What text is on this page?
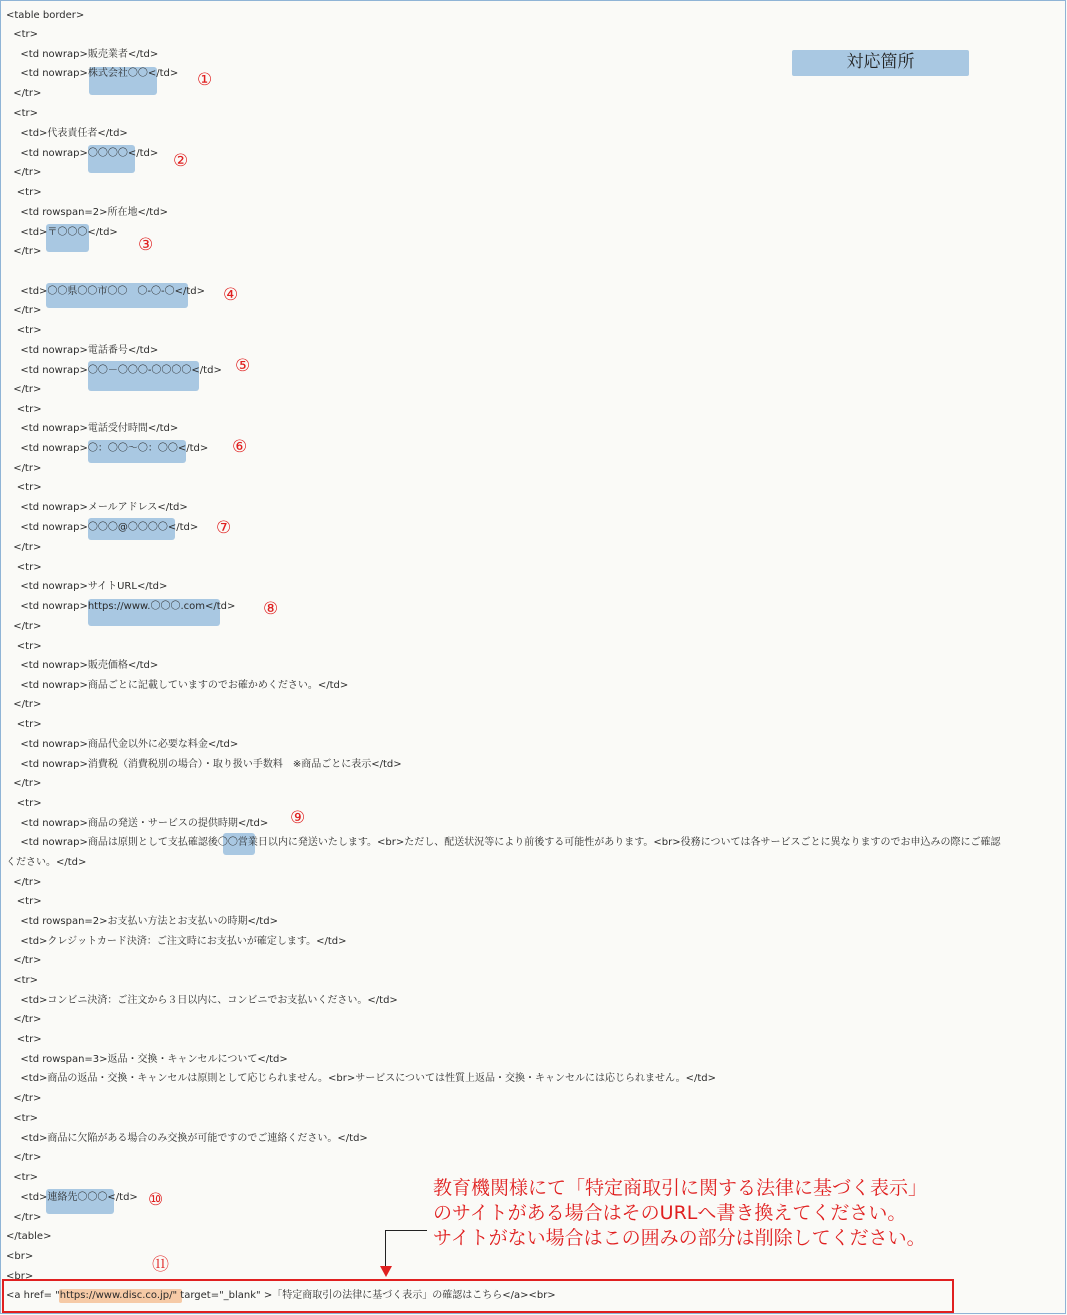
<table border>
<tr>
<td nowrap>販売業者</td>
<td nowrap>株式会社〇〇</td>
</tr>
<tr>
<td>代表責任者</td>
<td nowrap>〇〇〇〇</td>
</tr>
<tr>
<td rowspan=2>所在地</td>
<td>〒〇〇〇</td>
</tr>
<td>〇〇県〇〇市〇〇　〇-〇-〇</td>
</tr>
<tr>
<td nowrap>電話番号</td>
<td nowrap>〇〇－〇〇〇-〇〇〇〇</td>
</tr>
<tr>
<td nowrap>電話受付時間</td>
<td nowrap>〇：〇〇～〇：〇〇</td>
</tr>
<tr>
<td nowrap>メールアドレス</td>
<td nowrap>〇〇〇@〇〇〇〇</td>
</tr>
<tr>
<td nowrap>サイトURL</td>
<td nowrap>https://www.〇〇〇.com</td>
</tr>
<tr>
<td nowrap>販売価格</td>
<td nowrap>商品ごとに記載していますのでお確かめください。</td>
</tr>
<tr>
<td nowrap>商品代金以外に必要な料金</td>
<td nowrap>消費税（消費税別の場合）・取り扱い手数料　※商品ごとに表示</td>
</tr>
<tr>
<td nowrap>商品の発送・サービスの提供時期</td>
<td nowrap>商品は原則として支払確認後〇〇営業日以内に発送いたします。<br>ただし、配送状況等により前後する可能性があります。<br>役務については各サービスごとに異なりますのでお申込みの際にご確認
ください。</td>
</tr>
<tr>
<td rowspan=2>お支払い方法とお支払いの時期</td>
<td>クレジットカード決済：ご注文時にお支払いが確定します。</td>
</tr>
<tr>
<td>コンビニ決済：ご注文から３日以内に、コンビニでお支払いください。</td>
</tr>
<tr>
<td rowspan=3>返品・交換・キャンセルについて</td>
<td>商品の返品・交換・キャンセルは原則として応じられません。<br>サービスについては性質上返品・交換・キャンセルには応じられません。</td>
</tr>
<tr>
<td>商品に欠陥がある場合のみ交換が可能ですのでご連絡ください。</td>
</tr>
<tr>
<td>連絡先〇〇〇</td>
</tr>
</table>
<br>
<br>
<a href= "https://www.disc.co.jp/" target="_blank" >「特定商取引の法律に基づく表示」の確認はこちら</a><br>
①
②
③
④
⑤
⑥
⑦
⑧
⑨
⑩
⑪
対応箇所
教育機関様にて「特定商取引に関する法律に基づく表示」
のサイトがある場合はそのURLへ書き換えてください。
サイトがない場合はこの囲みの部分は削除してください。
